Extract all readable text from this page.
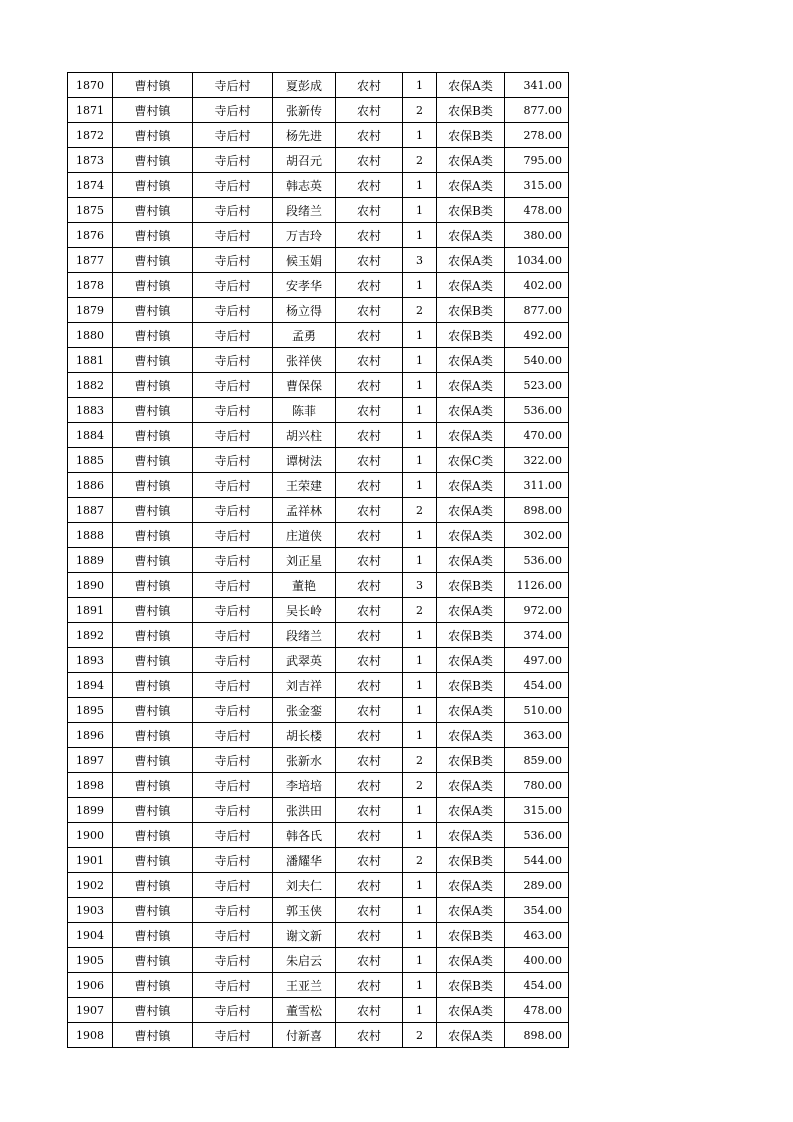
1870	曹村镇	寺后村	夏彭成	农村	1	农保A类	341.00
1871	曹村镇	寺后村	张新传	农村	2	农保B类	877.00
1872	曹村镇	寺后村	杨先进	农村	1	农保B类	278.00
1873	曹村镇	寺后村	胡召元	农村	2	农保A类	795.00
1874	曹村镇	寺后村	韩志英	农村	1	农保A类	315.00
1875	曹村镇	寺后村	段绪兰	农村	1	农保B类	478.00
1876	曹村镇	寺后村	万吉玲	农村	1	农保A类	380.00
1877	曹村镇	寺后村	候玉娟	农村	3	农保A类	1034.00
1878	曹村镇	寺后村	安孝华	农村	1	农保A类	402.00
1879	曹村镇	寺后村	杨立得	农村	2	农保B类	877.00
1880	曹村镇	寺后村	孟勇	农村	1	农保B类	492.00
1881	曹村镇	寺后村	张祥侠	农村	1	农保A类	540.00
1882	曹村镇	寺后村	曹保保	农村	1	农保A类	523.00
1883	曹村镇	寺后村	陈菲	农村	1	农保A类	536.00
1884	曹村镇	寺后村	胡兴柱	农村	1	农保A类	470.00
1885	曹村镇	寺后村	谭树法	农村	1	农保C类	322.00
1886	曹村镇	寺后村	王荣建	农村	1	农保A类	311.00
1887	曹村镇	寺后村	孟祥林	农村	2	农保A类	898.00
1888	曹村镇	寺后村	庄道侠	农村	1	农保A类	302.00
1889	曹村镇	寺后村	刘正星	农村	1	农保A类	536.00
1890	曹村镇	寺后村	董艳	农村	3	农保B类	1126.00
1891	曹村镇	寺后村	吴长岭	农村	2	农保A类	972.00
1892	曹村镇	寺后村	段绪兰	农村	1	农保B类	374.00
1893	曹村镇	寺后村	武翠英	农村	1	农保A类	497.00
1894	曹村镇	寺后村	刘吉祥	农村	1	农保B类	454.00
1895	曹村镇	寺后村	张金銮	农村	1	农保A类	510.00
1896	曹村镇	寺后村	胡长楼	农村	1	农保A类	363.00
1897	曹村镇	寺后村	张新水	农村	2	农保B类	859.00
1898	曹村镇	寺后村	李培培	农村	2	农保A类	780.00
1899	曹村镇	寺后村	张洪田	农村	1	农保A类	315.00
1900	曹村镇	寺后村	韩各氏	农村	1	农保A类	536.00
1901	曹村镇	寺后村	潘耀华	农村	2	农保B类	544.00
1902	曹村镇	寺后村	刘夫仁	农村	1	农保A类	289.00
1903	曹村镇	寺后村	郭玉侠	农村	1	农保A类	354.00
1904	曹村镇	寺后村	谢文新	农村	1	农保B类	463.00
1905	曹村镇	寺后村	朱启云	农村	1	农保A类	400.00
1906	曹村镇	寺后村	王亚兰	农村	1	农保B类	454.00
1907	曹村镇	寺后村	董雪松	农村	1	农保A类	478.00
1908	曹村镇	寺后村	付新喜	农村	2	农保A类	898.00
